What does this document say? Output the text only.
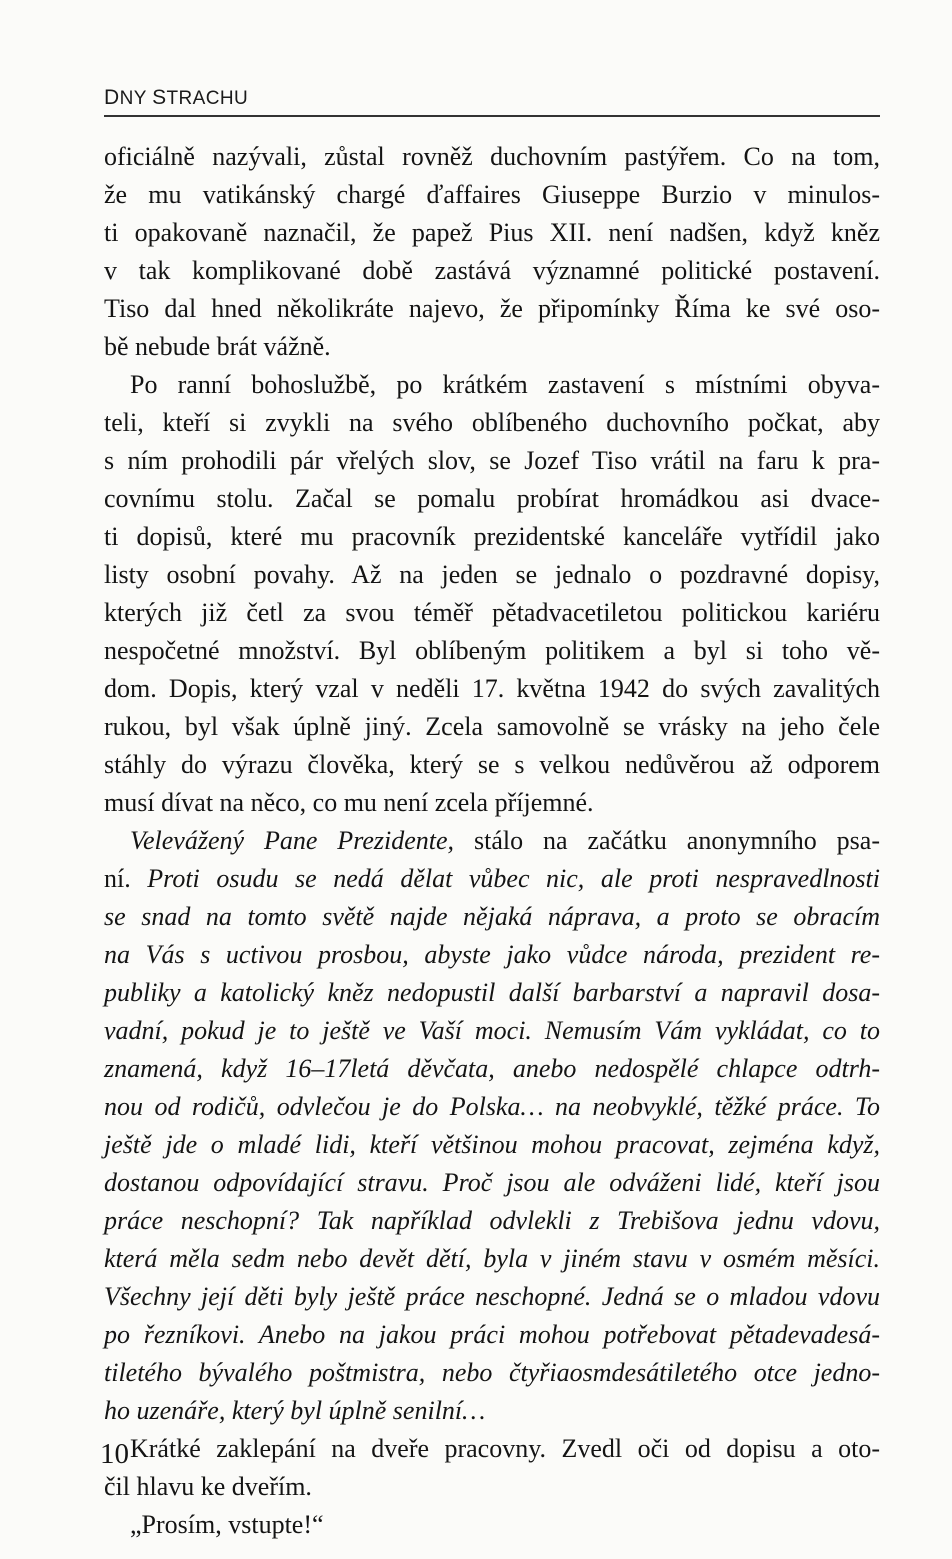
DNY STRACHU
oficiálně nazývali, zůstal rovněž duchovním pastýřem. Co na tom,
že mu vatikánský chargé ďaffaires Giuseppe Burzio v minulos-
ti opakovaně naznačil, že papež Pius XII. není nadšen, když kněz
v tak komplikované době zastává významné politické postavení.
Tiso dal hned několikráte najevo, že připomínky Říma ke své oso-
bě nebude brát vážně.
Po ranní bohoslužbě, po krátkém zastavení s místními obyva-
teli, kteří si zvykli na svého oblíbeného duchovního počkat, aby
s ním prohodili pár vřelých slov, se Jozef Tiso vrátil na faru k pra-
covnímu stolu. Začal se pomalu probírat hromádkou asi dvace-
ti dopisů, které mu pracovník prezidentské kanceláře vytřídil jako
listy osobní povahy. Až na jeden se jednalo o pozdravné dopisy,
kterých již četl za svou téměř pětadvacetiletou politickou kariéru
nespočetné množství. Byl oblíbeným politikem a byl si toho vě-
dom. Dopis, který vzal v neděli 17. května 1942 do svých zavalitých
rukou, byl však úplně jiný. Zcela samovolně se vrásky na jeho čele
stáhly do výrazu člověka, který se s velkou nedůvěrou až odporem
musí dívat na něco, co mu není zcela příjemné.
Velevážený Pane Prezidente, stálo na začátku anonymního psa-
ní. Proti osudu se nedá dělat vůbec nic, ale proti nespravedlnosti
se snad na tomto světě najde nějaká náprava, a proto se obracím
na Vás s uctivou prosbou, abyste jako vůdce národa, prezident re-
publiky a katolický kněz nedopustil další barbarství a napravil dosa-
vadní, pokud je to ještě ve Vaší moci. Nemusím Vám vykládat, co to
znamená, když 16–17letá děvčata, anebo nedospělé chlapce odtrh-
nou od rodičů, odvlečou je do Polska… na neobvyklé, těžké práce. To
ještě jde o mladé lidi, kteří většinou mohou pracovat, zejména když,
dostanou odpovídající stravu. Proč jsou ale odváženi lidé, kteří jsou
práce neschopní? Tak například odvlekli z Trebišova jednu vdovu,
která měla sedm nebo devět dětí, byla v jiném stavu v osmém měsíci.
Všechny její děti byly ještě práce neschopné. Jedná se o mladou vdovu
po řezníkovi. Anebo na jakou práci mohou potřebovat pětadevadesá-
tiletého bývalého poštmistra, nebo čtyřiaosmdesátiletého otce jedno-
ho uzenáře, který byl úplně senilní…
Krátké zaklepání na dveře pracovny. Zvedl oči od dopisu a oto-
čil hlavu ke dveřím.
„Prosím, vstupte!“
10
